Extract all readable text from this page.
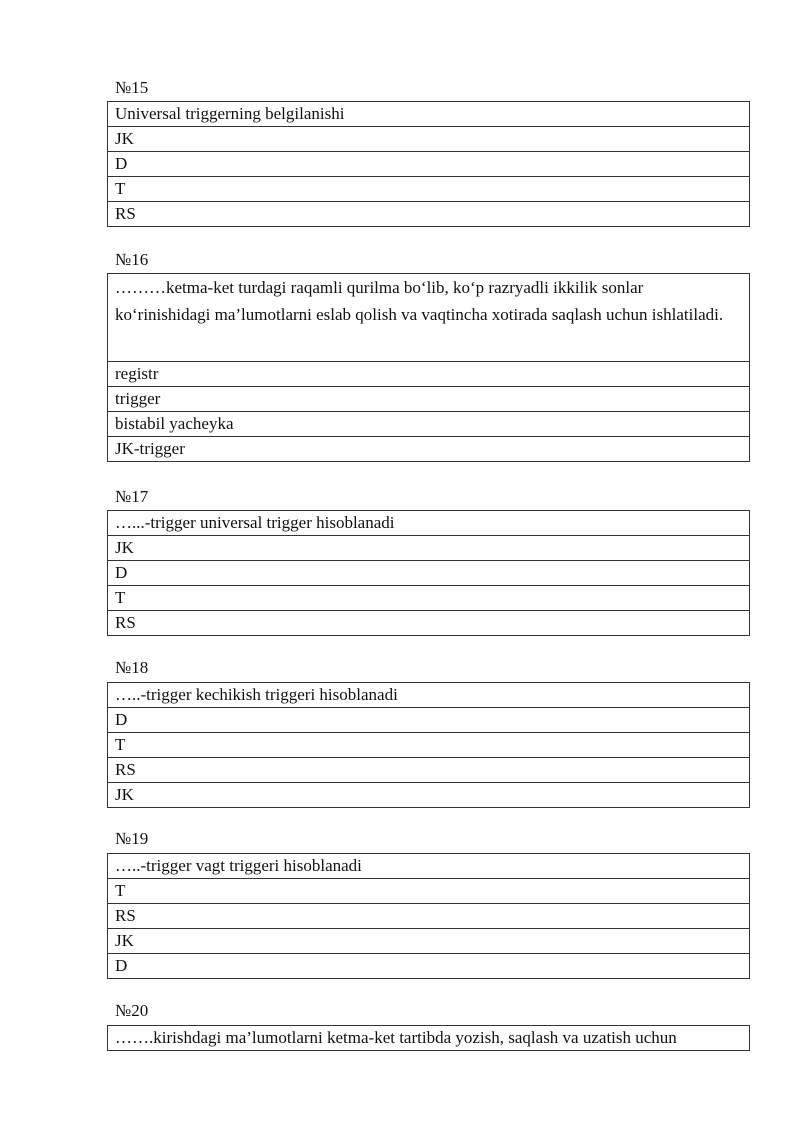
№15
Universal triggerning belgilanishi
JK
D
T
RS
№16
………ketma-ket turdagi raqamli qurilma boʻlib, koʻp razryadli ikkilik sonlar koʻrinishidagi ma’lumotlarni eslab qolish va vaqtincha xotirada saqlash uchun ishlatiladi.
registr
trigger
bistabil yacheyka
JK-trigger
№17
…...-trigger universal trigger hisoblanadi
JK
D
T
RS
№18
…..-trigger kechikish triggeri hisoblanadi
D
T
RS
JK
№19
…..-trigger vagt triggeri hisoblanadi
T
RS
JK
D
№20
…….kirishdagi ma’lumotlarni ketma-ket tartibda yozish, saqlash va uzatish uchun
